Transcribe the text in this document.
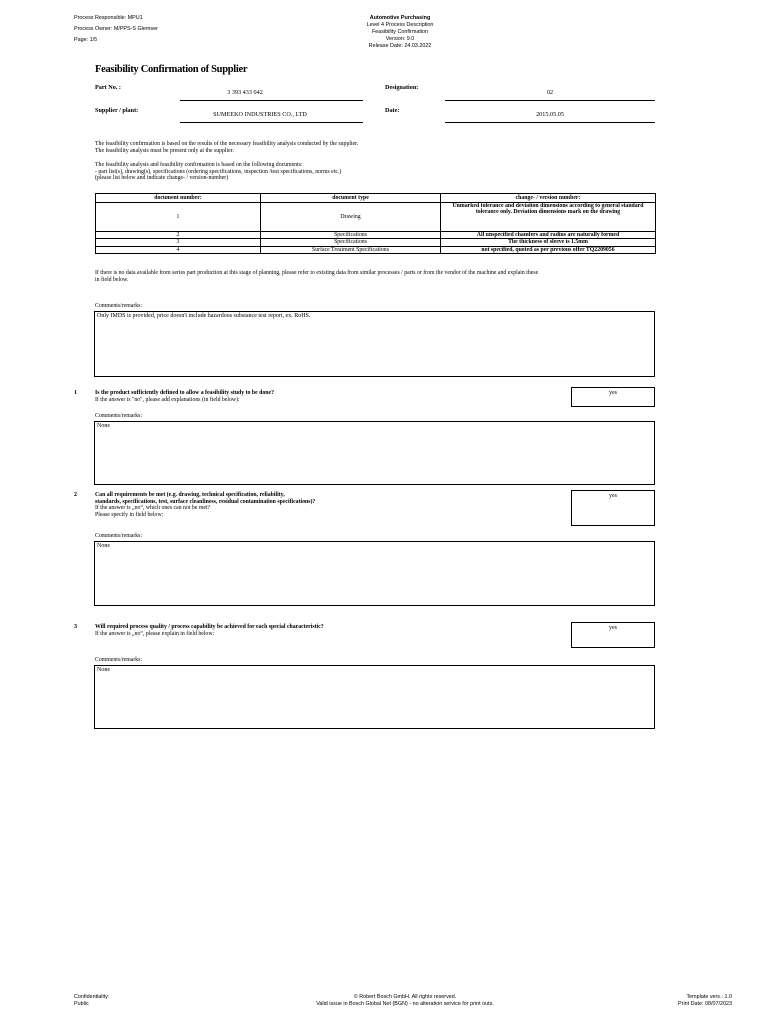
Process Responsible: MPU1
Process Owner: M/PPS-S Glemser
Page: 1/5
Automotive Purchasing
Level 4 Process Description
Feasibility Confirmation
Version: 9.0
Release Date: 24.03.2022
Feasibility Confirmation of Supplier
Part No. :
3 393 433 042
Designation:
02
Supplier / plant:
SUMEEKO INDUSTRIES CO., LTD
Date:
2015.05.05
The feasibility confirmation is based on the results of the necessary feasibility analysis conducted by the supplier.
The feasibility analysis must be present only at the supplier.
The feasibility analysis and feasibility confirmation is based on the following documents:
- part list(s), drawing(s), specifications (ordering specifications, inspection /test specifications, norms etc.)
(please list below and indicate change- / version-number)
document number:	document type	change- / version number:
1	Drawing	Unmarked tolerance and deviation dimensions according to general standard tolerance only. Deviation dimensions mark on the drawing
2	Specifications	All unspecified chamfers and radius are naturally formed
3	Specifications	The thickness of sleeve is 1.5mm
4	Surface Treatment Specifications	not specified, quoted as per previous offer TQ2209056
If there is no data available from series part production at this stage of planning, please refer to existing data from similar processes / parts or from the vendor of the machine and explain these
in field below.
Comments/remarks:
Only IMDS is provided, price doesn't include hazardous substance test report, ex. RoHS.
1	Is the product sufficiently defined to allow a feasibility study to be done?
If the answer is "no", please add explanations (in field below):
yes
Comments/remarks:
None
2	Can all requirements be met (e.g. drawing, technical specification, reliability,
standards, specifications, test, surface cleanliness, residual contamination specifications)?
If the answer is „no“, which ones can not be met?
Please specify in field below:
yes
Comments/remarks:
None
3	Will required process quality / process capability be achieved for each special characteristic?
If the answer is „no“, please explain in field below:
yes
Comments/remarks:
None
Confidentiality:
Public
© Robert Bosch GmbH. All rights reserved.
Valid issue in Bosch Global Net (BGN) - no alteration service for print outs.
Template vers.: 1.0
Print Date: 08/07/2023
